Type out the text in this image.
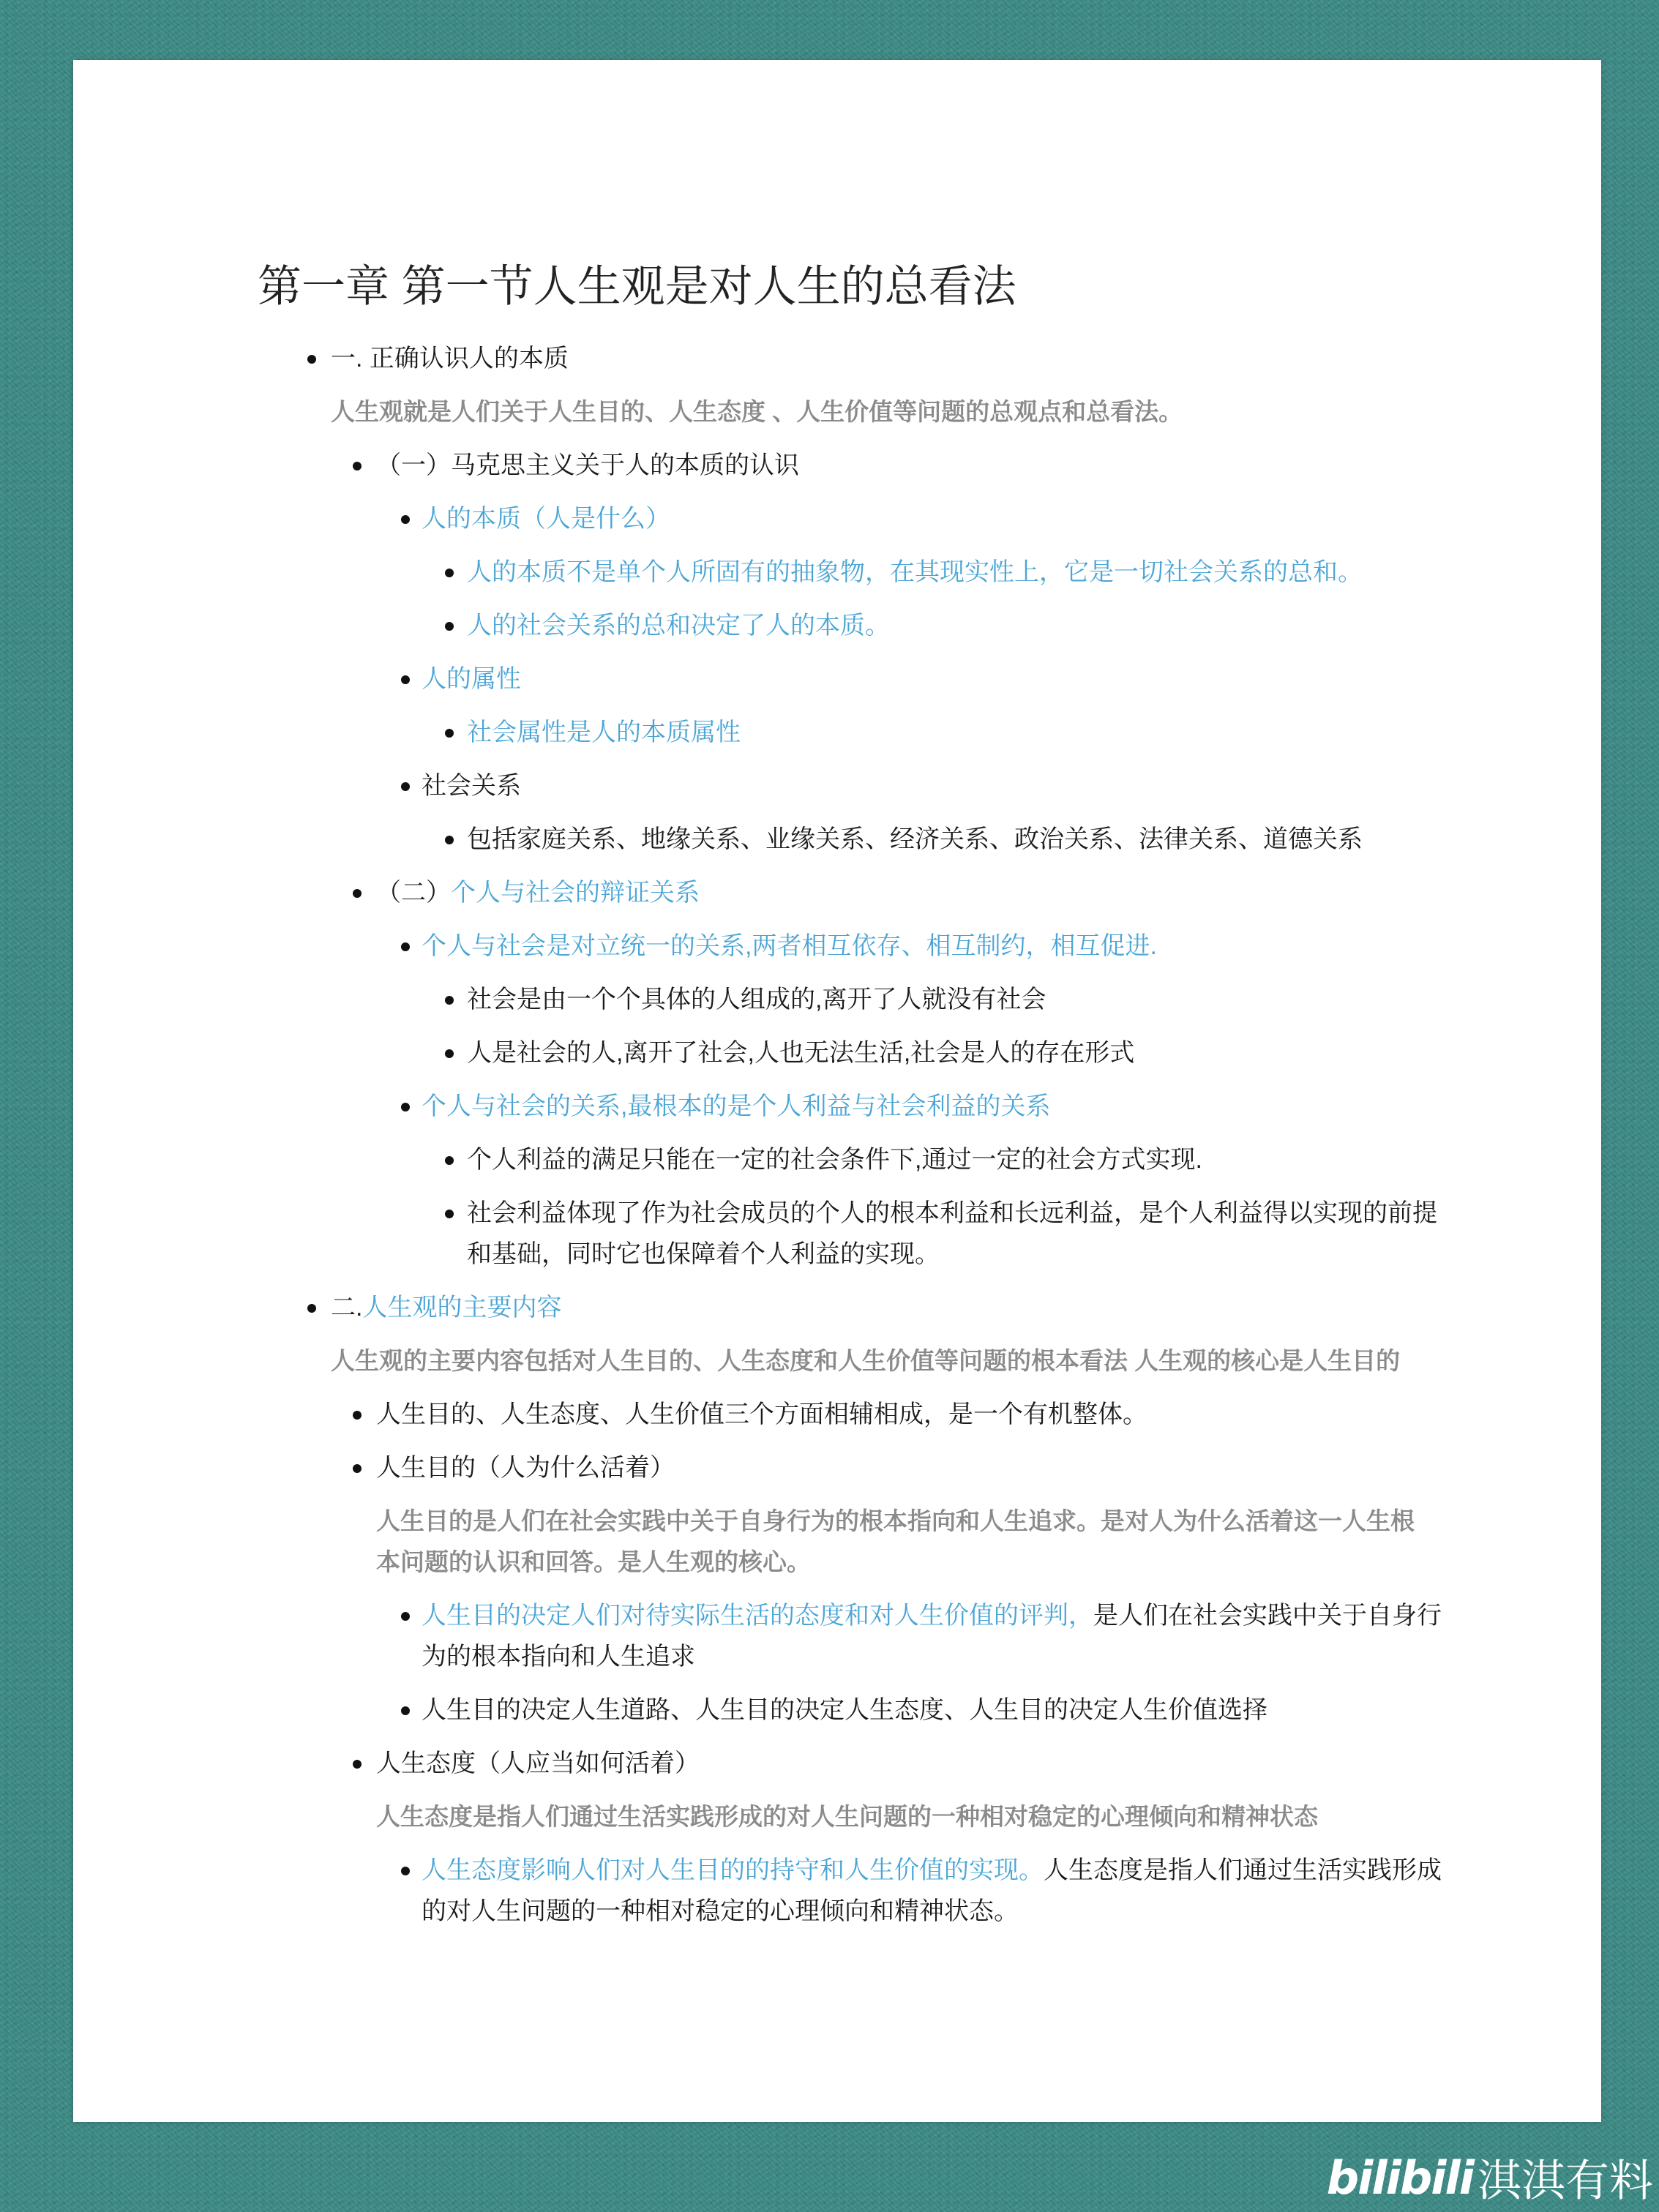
第一章 第一节人生观是对人生的总看法
一. 正确认识人的本质
人生观就是人们关于人生目的、人生态度 、人生价值等问题的总观点和总看法。
（一）马克思主义关于人的本质的认识
人的本质（人是什么）
人的本质不是单个人所固有的抽象物，在其现实性上，它是一切社会关系的总和。
人的社会关系的总和决定了人的本质。
人的属性
社会属性是人的本质属性
社会关系
包括家庭关系、地缘关系、业缘关系、经济关系、政治关系、法律关系、道德关系
（二）个人与社会的辩证关系
个人与社会是对立统一的关系,两者相互依存、相互制约，相互促进.
社会是由一个个具体的人组成的,离开了人就没有社会
人是社会的人,离开了社会,人也无法生活,社会是人的存在形式
个人与社会的关系,最根本的是个人利益与社会利益的关系
个人利益的满足只能在一定的社会条件下,通过一定的社会方式实现.
社会利益体现了作为社会成员的个人的根本利益和长远利益，是个人利益得以实现的前提
和基础，同时它也保障着个人利益的实现。
二.人生观的主要内容
人生观的主要内容包括对人生目的、人生态度和人生价值等问题的根本看法 人生观的核心是人生目的
人生目的、人生态度、人生价值三个方面相辅相成，是一个有机整体。
人生目的（人为什么活着）
人生目的是人们在社会实践中关于自身行为的根本指向和人生追求。是对人为什么活着这一人生根
本问题的认识和回答。是人生观的核心。
人生目的决定人们对待实际生活的态度和对人生价值的评判，是人们在社会实践中关于自身行
为的根本指向和人生追求
人生目的决定人生道路、人生目的决定人生态度、人生目的决定人生价值选择
人生态度（人应当如何活着）
人生态度是指人们通过生活实践形成的对人生问题的一种相对稳定的心理倾向和精神状态
人生态度影响人们对人生目的的持守和人生价值的实现。人生态度是指人们通过生活实践形成
的对人生问题的一种相对稳定的心理倾向和精神状态。
bilibili 淇淇有料
